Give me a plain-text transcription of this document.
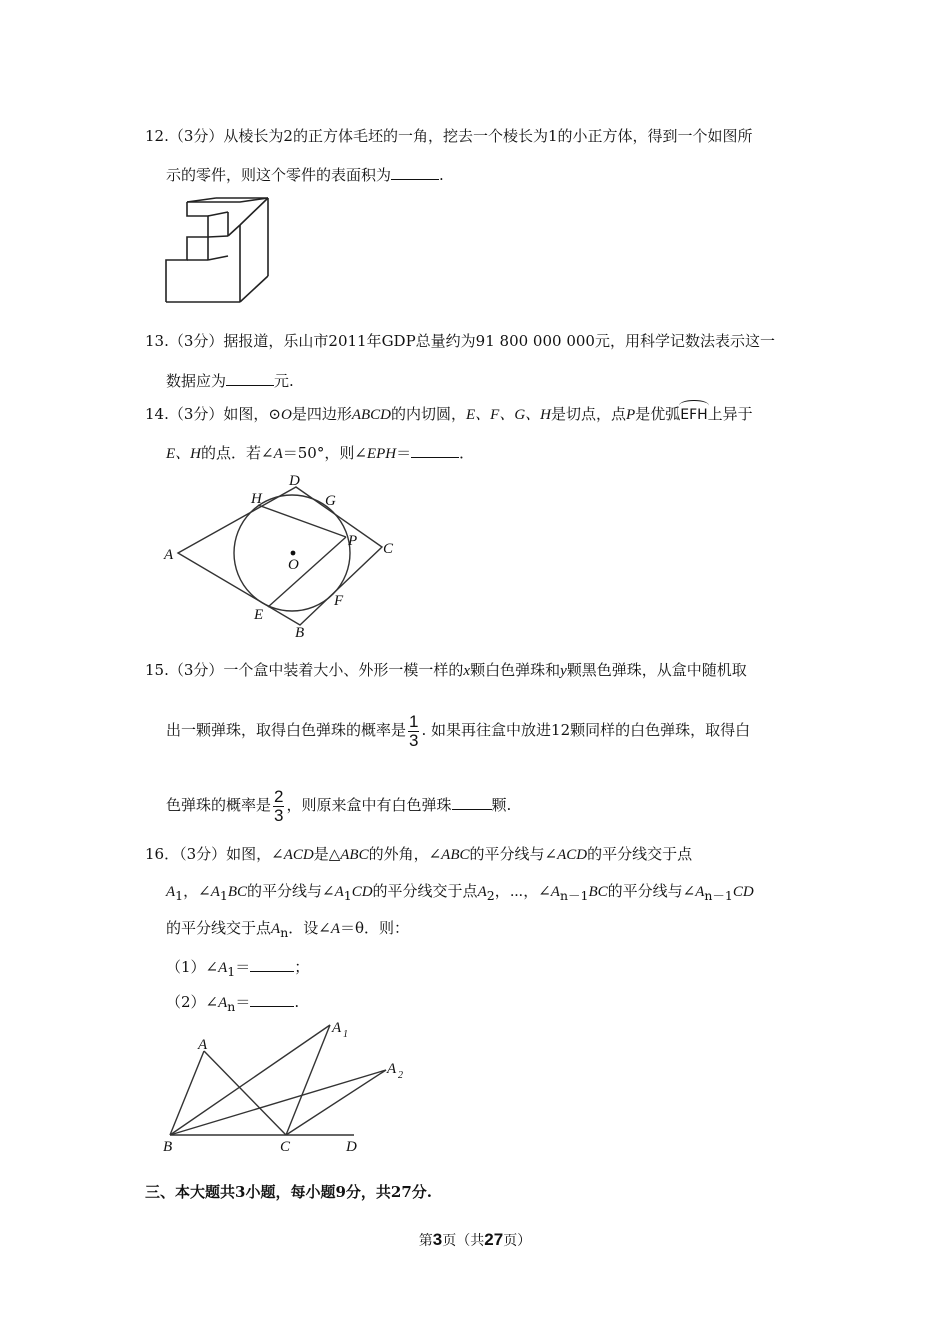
12.（3分）从棱长为2的正方体毛坯的一角，挖去一个棱长为1的小正方体，得到一个如图所
示的零件，则这个零件的表面积为	.
13.（3分）据报道，乐山市2011年GDP总量约为91 800 000 000元，用科学记数法表示这一
数据应为	元.
14.（3分）如图，⊙O是四边形ABCD的内切圆，E、F、G、H是切点，点P是优弧EFH上异于
E、H的点．若∠A＝50°，则∠EPH＝	．
D
H	G
A
P C
O
E
F
B
15.（3分）一个盒中装着大小、外形一模一样的x颗白色弹珠和y颗黑色弹珠，从盒中随机取
出一颗弹珠，取得白色弹珠的概率是 $\frac{1}{3}$ . 如果再往盒中放进12颗同样的白色弹珠，取得白
色弹珠的概率是 $\frac{2}{3}$ ，则原来盒中有白色弹珠	颗.
16．（3分）如图，∠ACD是△ABC的外角，∠ABC的平分线与∠ACD的平分线交于点
$A_1$，$\angle A_1BC$的平分线与$\angle A_1CD$的平分线交于点$A_2$，⋯，$\angle A_{n-1}BC$的平分线与$\angle A_{n-1}CD$
的平分线交于点$A_n$．设∠A＝θ．则：
$(1)\angle A_1=$	；
$(2)\angle A_n=$	.
A
A 1
A 2
B	C	D
三、本大题共3小题，每小题9分，共27分.
第3页（共27页）
